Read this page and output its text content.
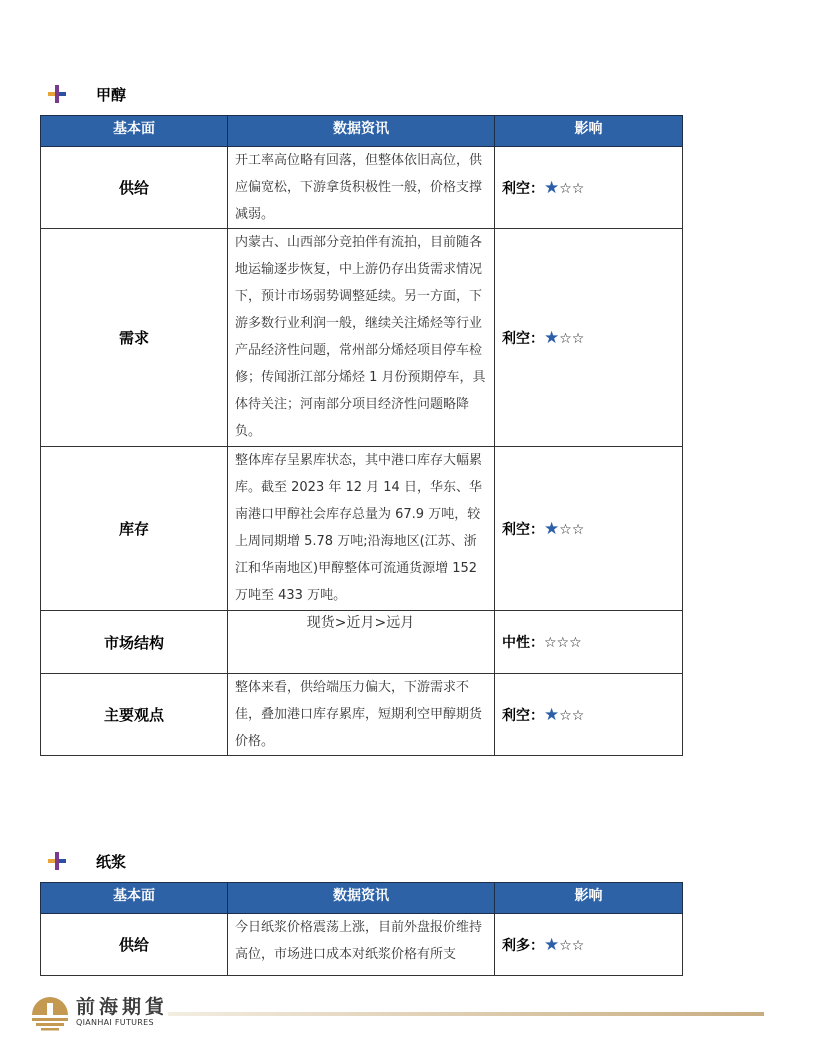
甲醇
基本面	数据资讯	影响
供给	开工率高位略有回落，但整体依旧高位，供应偏宽松，下游拿货积极性一般，价格支撑减弱。	利空：★☆☆
需求	内蒙古、山西部分竞拍伴有流拍，目前随各地运输逐步恢复，中上游仍存出货需求情况下，预计市场弱势调整延续。另一方面，下游多数行业利润一般，继续关注烯烃等行业产品经济性问题，常州部分烯烃项目停车检修；传闻浙江部分烯烃 1 月份预期停车，具体待关注；河南部分项目经济性问题略降负。	利空：★☆☆
库存	整体库存呈累库状态，其中港口库存大幅累库。截至 2023 年 12 月 14 日，华东、华南港口甲醇社会库存总量为 67.9 万吨，较上周同期增 5.78 万吨;沿海地区(江苏、浙江和华南地区)甲醇整体可流通货源增 152 万吨至 433 万吨。	利空：★☆☆
市场结构	现货>近月>远月	中性：☆☆☆
主要观点	整体来看，供给端压力偏大，下游需求不佳，叠加港口库存累库，短期利空甲醇期货价格。	利空：★☆☆
纸浆
基本面	数据资讯	影响
供给	今日纸浆价格震荡上涨，目前外盘报价维持高位，市场进口成本对纸浆价格有所支	利多：★☆☆
前海期貨
QIANHAI FUTURES
